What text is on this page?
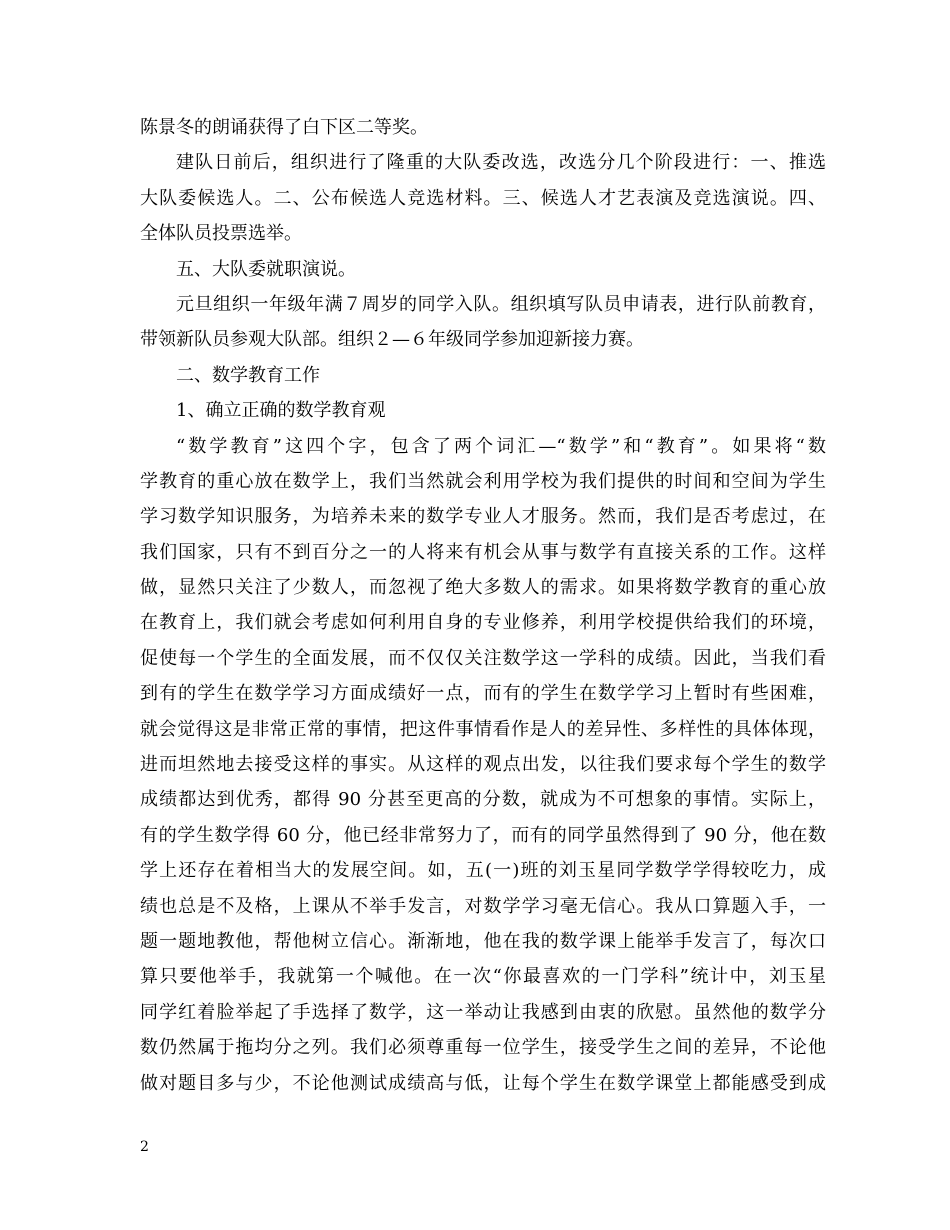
陈景冬的朗诵获得了白下区二等奖。
建队日前后，组织进行了隆重的大队委改选，改选分几个阶段进行：一、推选
大队委候选人。二、公布候选人竞选材料。三、候选人才艺表演及竞选演说。四、
全体队员投票选举。
五、大队委就职演说。
元旦组织一年级年满７周岁的同学入队。组织填写队员申请表，进行队前教育，
带领新队员参观大队部。组织２—６年级同学参加迎新接力赛。
二、数学教育工作
1、确立正确的数学教育观
“数学教育”这四个字，包含了两个词汇—“数学”和“教育”。如果将“数
学教育的重心放在数学上，我们当然就会利用学校为我们提供的时间和空间为学生
学习数学知识服务，为培养未来的数学专业人才服务。然而，我们是否考虑过，在
我们国家，只有不到百分之一的人将来有机会从事与数学有直接关系的工作。这样
做，显然只关注了少数人，而忽视了绝大多数人的需求。如果将数学教育的重心放
在教育上，我们就会考虑如何利用自身的专业修养，利用学校提供给我们的环境，
促使每一个学生的全面发展，而不仅仅关注数学这一学科的成绩。因此，当我们看
到有的学生在数学学习方面成绩好一点，而有的学生在数学学习上暂时有些困难，
就会觉得这是非常正常的事情，把这件事情看作是人的差异性、多样性的具体体现，
进而坦然地去接受这样的事实。从这样的观点出发，以往我们要求每个学生的数学
成绩都达到优秀，都得 90 分甚至更高的分数，就成为不可想象的事情。实际上，
有的学生数学得 60 分，他已经非常努力了，而有的同学虽然得到了 90 分，他在数
学上还存在着相当大的发展空间。如，五(一)班的刘玉星同学数学学得较吃力，成
绩也总是不及格，上课从不举手发言，对数学学习毫无信心。我从口算题入手，一
题一题地教他，帮他树立信心。渐渐地，他在我的数学课上能举手发言了，每次口
算只要他举手，我就第一个喊他。在一次“你最喜欢的一门学科”统计中，刘玉星
同学红着脸举起了手选择了数学，这一举动让我感到由衷的欣慰。虽然他的数学分
数仍然属于拖均分之列。我们必须尊重每一位学生，接受学生之间的差异，不论他
做对题目多与少，不论他测试成绩高与低，让每个学生在数学课堂上都能感受到成
2
